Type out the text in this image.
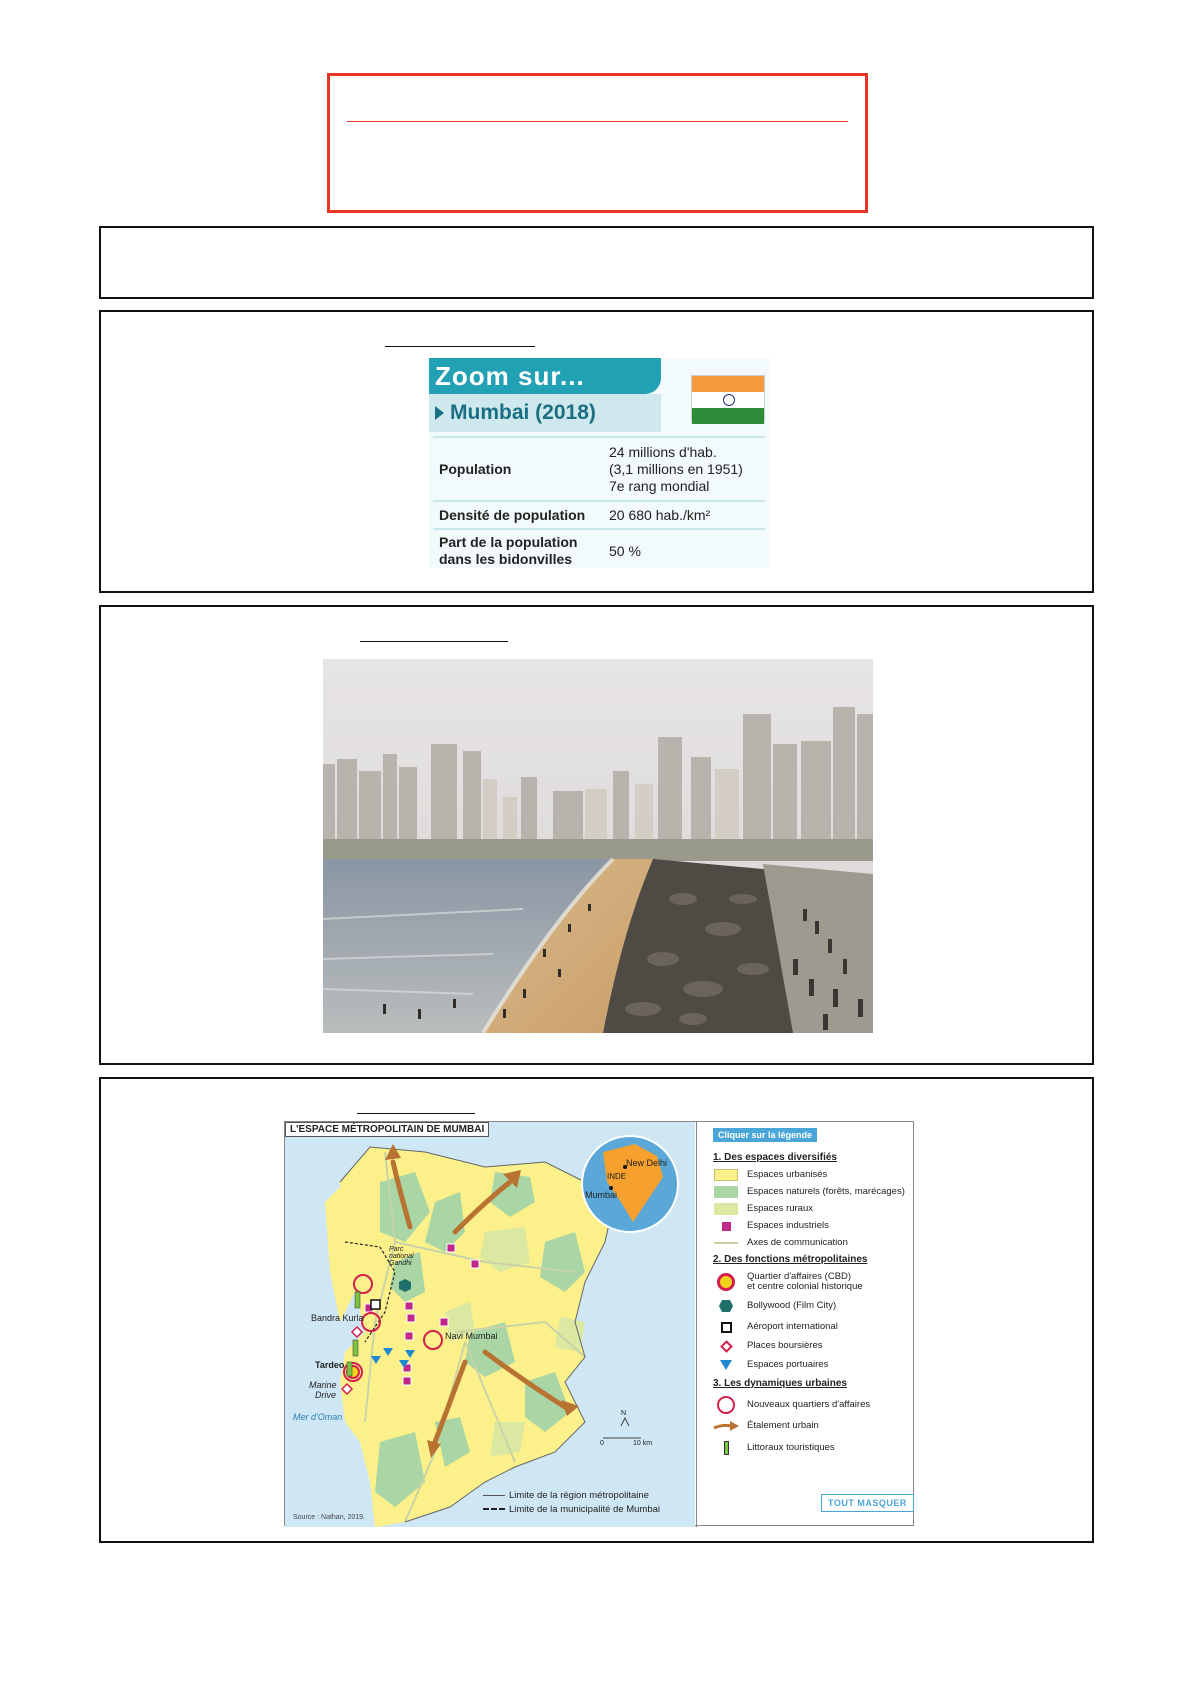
Zoom sur...
Mumbai (2018)
Population	24 millions d'hab.
(3,1 millions en 1951)
7e rang mondial

Densité de population	20 680 hab./km²

Part de la population
dans les bidonvilles	50 %
L'ESPACE MÉTROPOLITAIN DE MUMBAI
New Delhi
INDE
Mumbai
Parc
national
Gandhi
Bandra Kurla
Tardeo
Marine
Drive
Navi Mumbai
Mer d'Oman	N
0	10 km
Source : Nathan, 2019.
Limite de la région métropolitaine
Limite de la municipalité de Mumbai
Cliquer sur la légende
1. Des espaces diversifiés
Espaces urbanisés
Espaces naturels (forêts, marécages)
Espaces ruraux
Espaces industriels
Axes de communication
2. Des fonctions métropolitaines
Quartier d'affaires (CBD)
et centre colonial historique
Bollywood (Film City)
Aéroport international
Places boursières
Espaces portuaires
3. Les dynamiques urbaines
Nouveaux quartiers d'affaires
Étalement urbain
Littoraux touristiques
TOUT MASQUER
